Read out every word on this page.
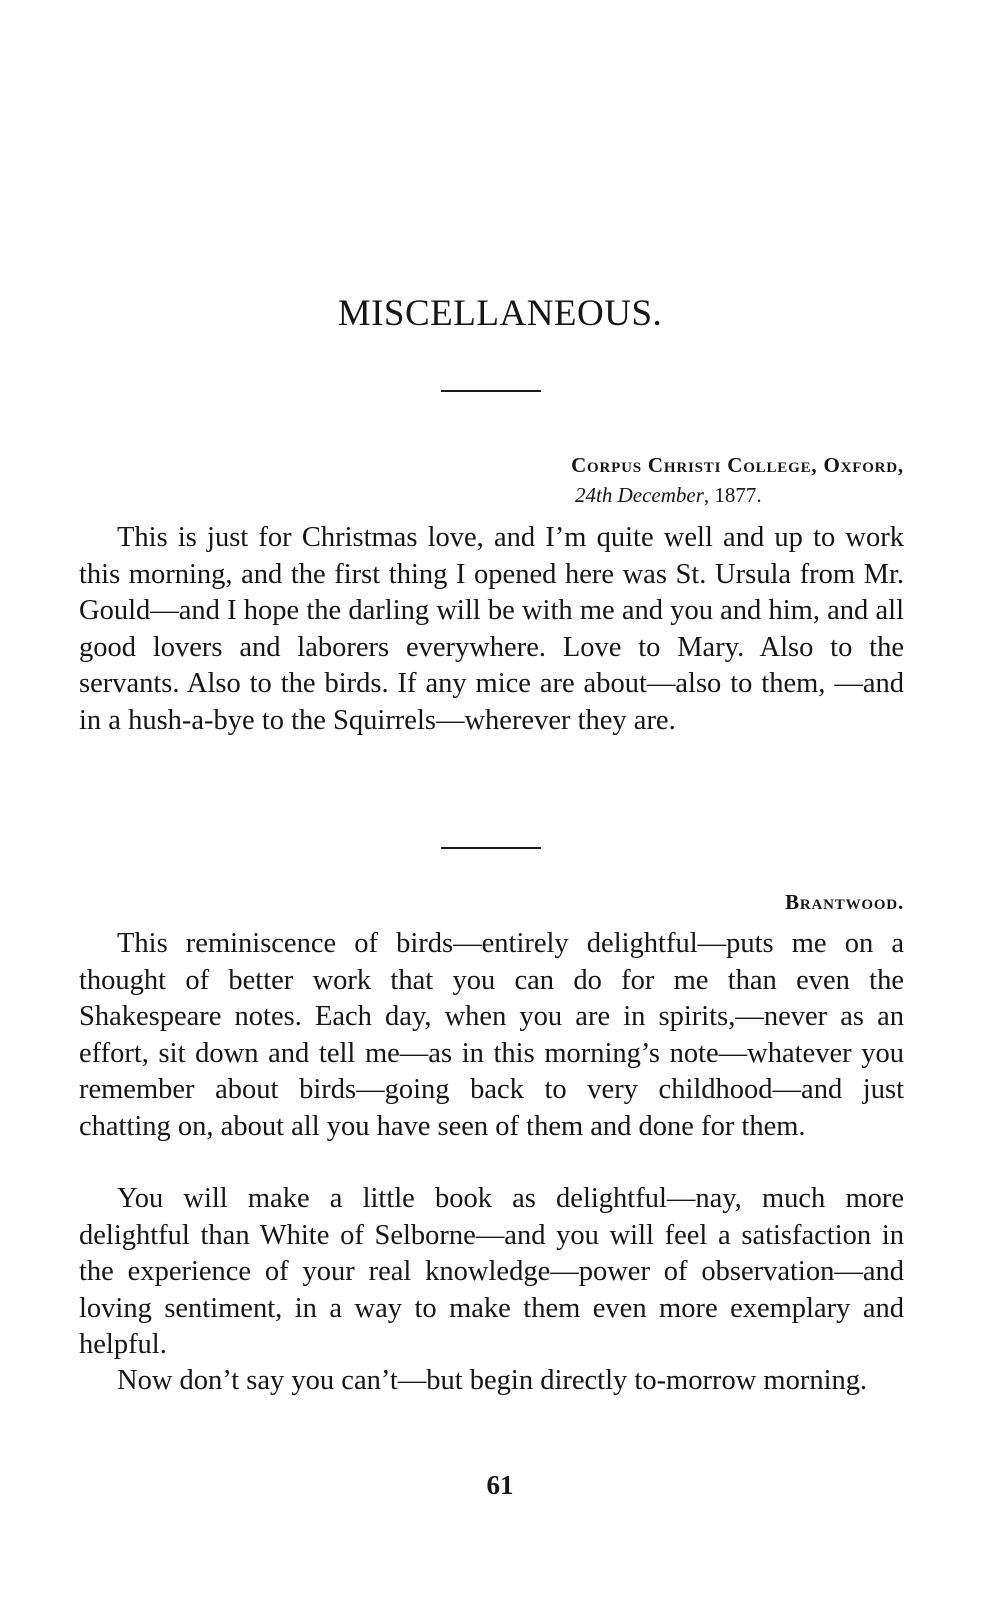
MISCELLANEOUS.
Corpus Christi College, Oxford,
24th December, 1877.

This is just for Christmas love, and I’m quite well and up to work this morning, and the first thing I opened here was St. Ursula from Mr. Gould—and I hope the darling will be with me and you and him, and all good lovers and laborers everywhere. Love to Mary. Also to the servants. Also to the birds. If any mice are about—also to them, —and in a hush-a-bye to the Squirrels—wherever they are.

Brantwood.

This reminiscence of birds—entirely delightful—puts me on a thought of better work that you can do for me than even the Shakespeare notes. Each day, when you are in spirits,—never as an effort, sit down and tell me—as in this morning’s note—whatever you remember about birds—going back to very childhood—and just chatting on, about all you have seen of them and done for them.

You will make a little book as delightful—nay, much more delightful than White of Selborne—and you will feel a satisfaction in the experience of your real knowledge—power of observation—and loving sentiment, in a way to make them even more exemplary and helpful.

Now don’t say you can’t—but begin directly to-morrow morning.

61
